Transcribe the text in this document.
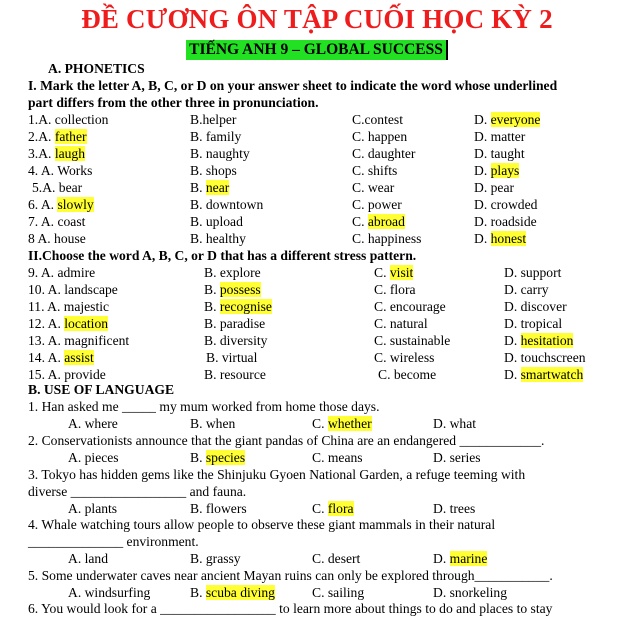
ĐỀ CƯƠNG ÔN TẬP CUỐI HỌC KỲ 2
TIẾNG ANH 9 – GLOBAL SUCCESS
A. PHONETICS
I. Mark the letter A, B, C, or D on your answer sheet to indicate the word whose underlined
part differs from the other three in pronunciation.
1.A. collection	B.helper	C.contest	D. everyone
2.A. father	B. family	C. happen	D. matter
3.A. laugh	B. naughty	C. daughter	D. taught
4. A. Works	B. shops	C. shifts	D. plays
5.A. bear	B. near	C. wear	D. pear
6. A. slowly	B. downtown	C. power	D. crowded
7. A. coast	B. upload	C. abroad	D. roadside
8 A. house	B. healthy	C. happiness	D. honest
II.Choose the word A, B, C, or D that has a different stress pattern.
9. A. admire	B. explore	C. visit	D. support
10. A. landscape	B. possess	C. flora	D. carry
11. A. majestic	B. recognise	C. encourage	D. discover
12. A. location	B. paradise	C. natural	D. tropical
13. A. magnificent	B. diversity	C. sustainable	D. hesitation
14. A. assist	B. virtual	C. wireless	D. touchscreen
15. A. provide	B. resource	C. become	D. smartwatch
B. USE OF LANGUAGE
1. Han asked me _____ my mum worked from home those days.
A. where	B. when	C. whether	D. what
2. Conservationists announce that the giant pandas of China are an endangered ____________.
A. pieces	B. species	C. means	D. series
3. Tokyo has hidden gems like the Shinjuku Gyoen National Garden, a refuge teeming with
diverse _________________ and fauna.
A. plants	B. flowers	C. flora	D. trees
4. Whale watching tours allow people to observe these giant mammals in their natural
______________ environment.
A. land	B. grassy	C. desert	D. marine
5. Some underwater caves near ancient Mayan ruins can only be explored through___________.
A. windsurfing	B. scuba diving	C. sailing	D. snorkeling
6. You would look for a _________________ to learn more about things to do and places to stay
